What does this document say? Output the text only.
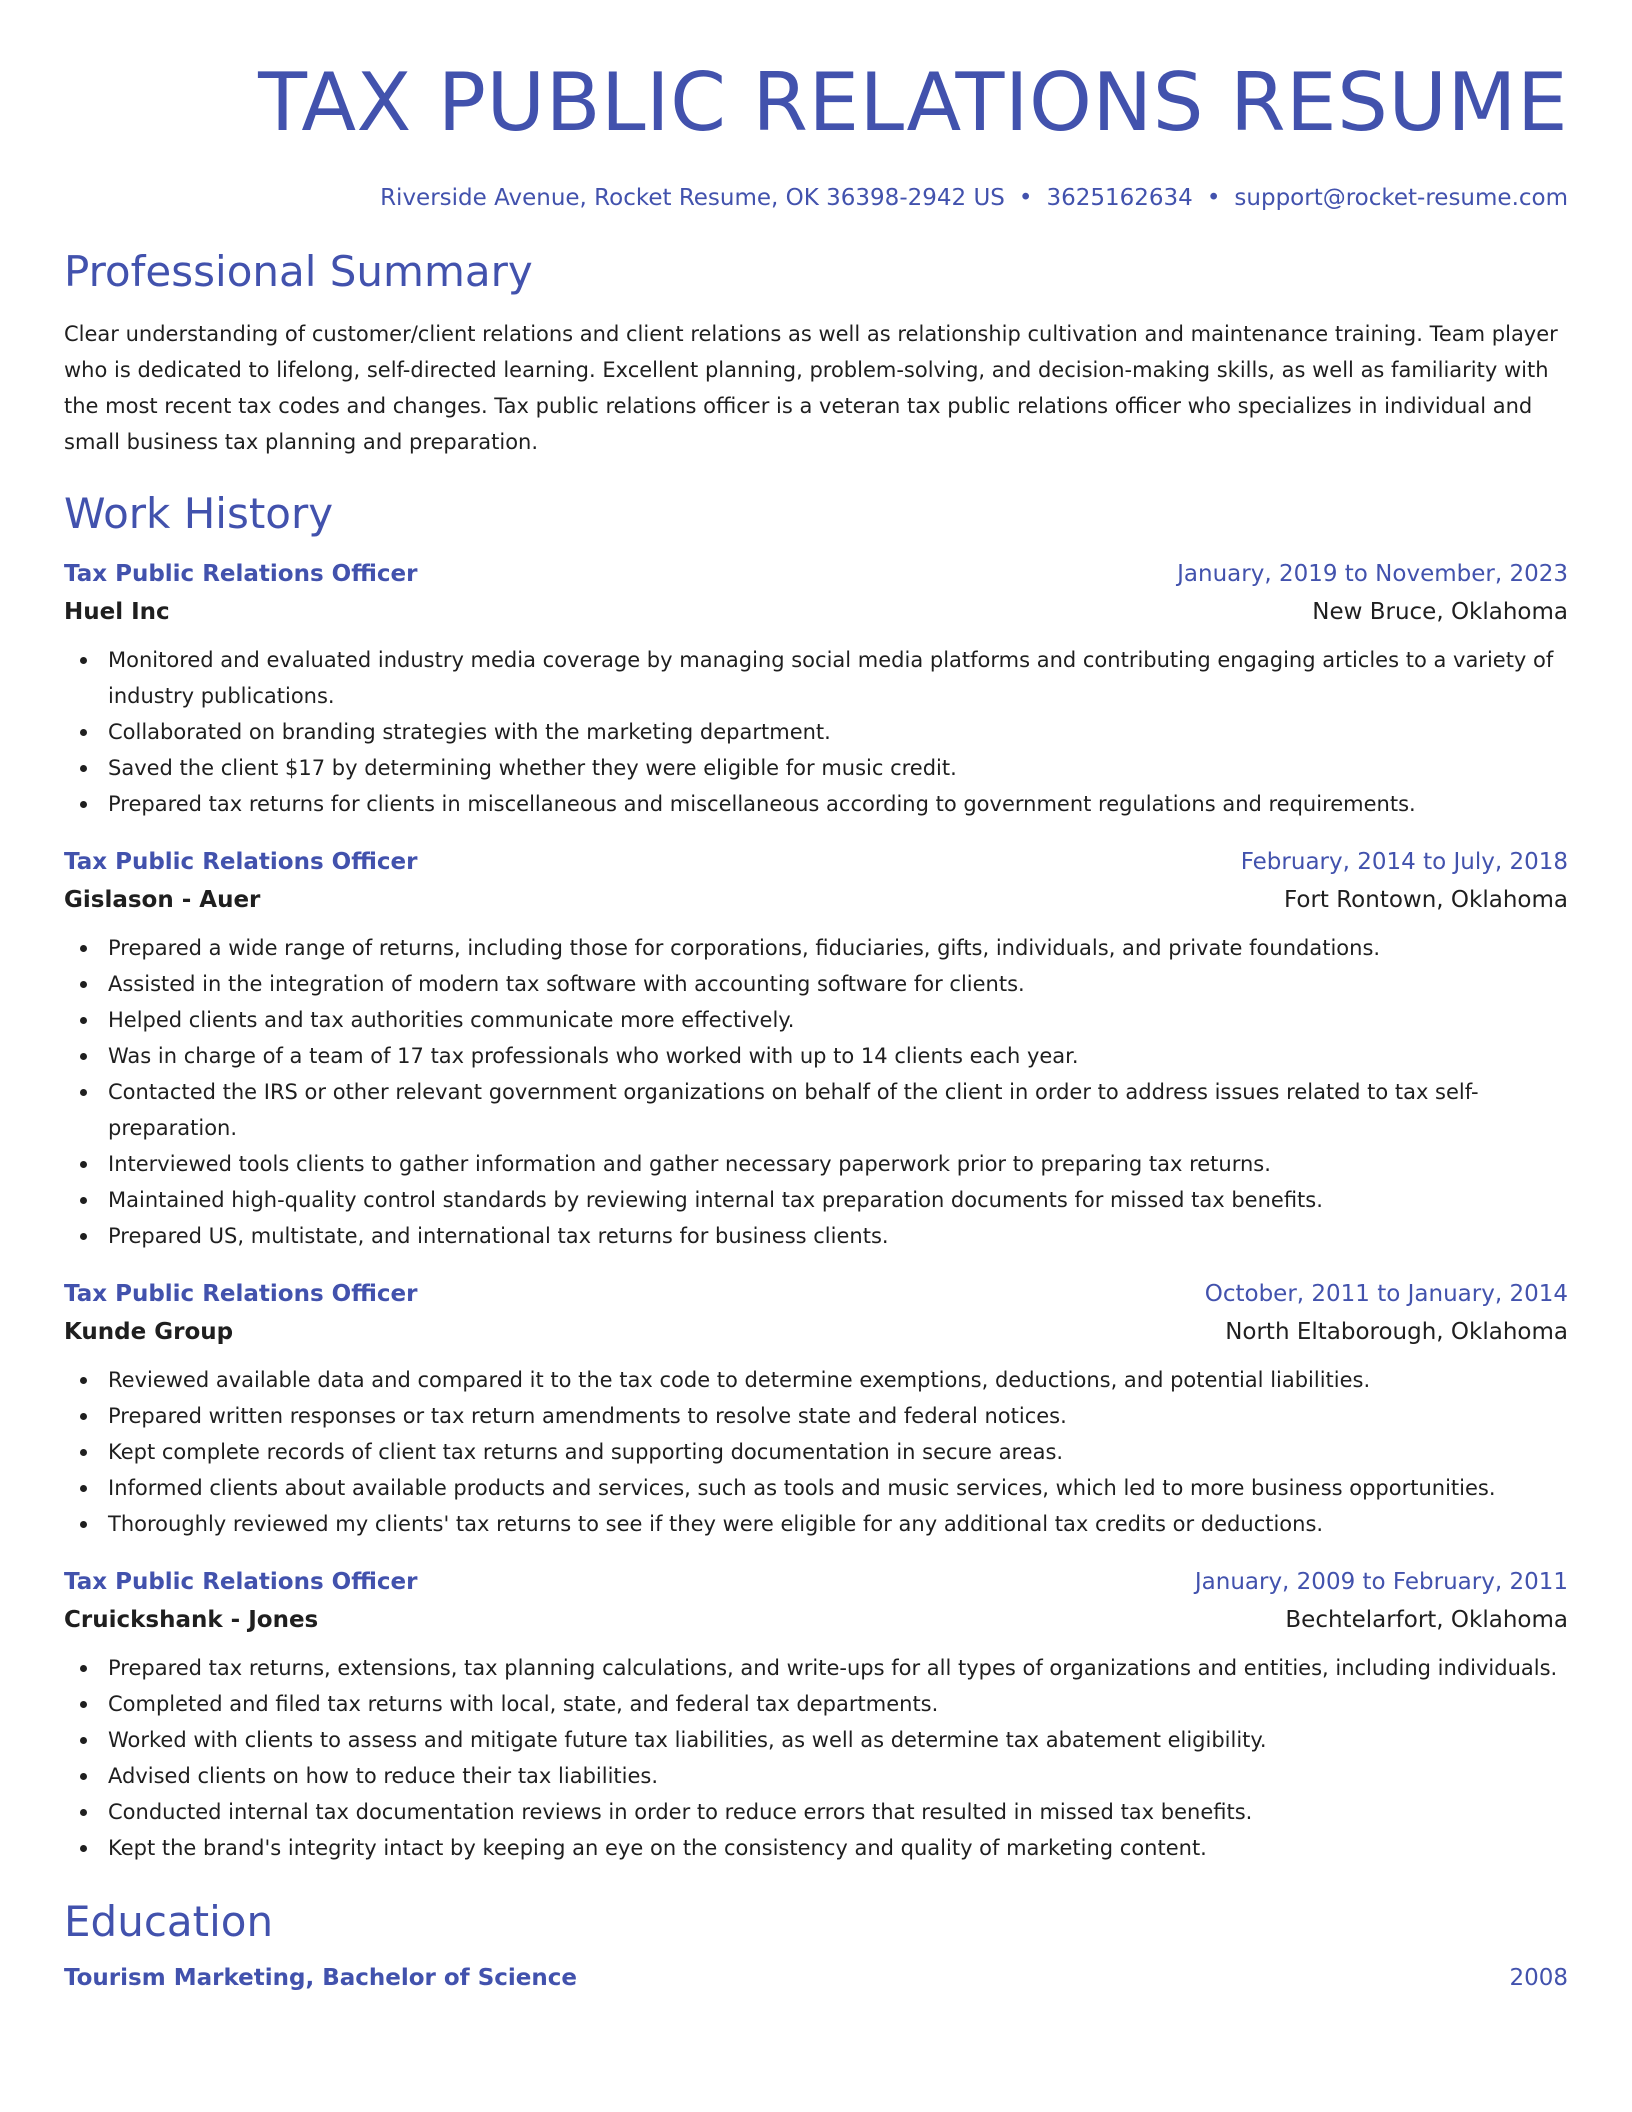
TAX PUBLIC RELATIONS RESUME
Riverside Avenue, Rocket Resume, OK 36398-2942 US • 3625162634 • support@rocket-resume.com
Professional Summary

Clear understanding of customer/client relations and client relations as well as relationship cultivation and maintenance training. Team player who is dedicated to lifelong, self-directed learning. Excellent planning, problem-solving, and decision-making skills, as well as familiarity with the most recent tax codes and changes. Tax public relations officer is a veteran tax public relations officer who specializes in individual and small business tax planning and preparation.

Work History
Tax Public Relations Officer	January, 2019 to November, 2023
Huel Inc	New Bruce, Oklahoma
Monitored and evaluated industry media coverage by managing social media platforms and contributing engaging articles to a variety of industry publications.
Collaborated on branding strategies with the marketing department.
Saved the client $17 by determining whether they were eligible for music credit.
Prepared tax returns for clients in miscellaneous and miscellaneous according to government regulations and requirements.
Tax Public Relations Officer	February, 2014 to July, 2018
Gislason - Auer	Fort Rontown, Oklahoma
Prepared a wide range of returns, including those for corporations, fiduciaries, gifts, individuals, and private foundations.
Assisted in the integration of modern tax software with accounting software for clients.
Helped clients and tax authorities communicate more effectively.
Was in charge of a team of 17 tax professionals who worked with up to 14 clients each year.
Contacted the IRS or other relevant government organizations on behalf of the client in order to address issues related to tax self-preparation.
Interviewed tools clients to gather information and gather necessary paperwork prior to preparing tax returns.
Maintained high-quality control standards by reviewing internal tax preparation documents for missed tax benefits.
Prepared US, multistate, and international tax returns for business clients.
Tax Public Relations Officer	October, 2011 to January, 2014
Kunde Group	North Eltaborough, Oklahoma
Reviewed available data and compared it to the tax code to determine exemptions, deductions, and potential liabilities.
Prepared written responses or tax return amendments to resolve state and federal notices.
Kept complete records of client tax returns and supporting documentation in secure areas.
Informed clients about available products and services, such as tools and music services, which led to more business opportunities.
Thoroughly reviewed my clients' tax returns to see if they were eligible for any additional tax credits or deductions.
Tax Public Relations Officer	January, 2009 to February, 2011
Cruickshank - Jones	Bechtelarfort, Oklahoma
Prepared tax returns, extensions, tax planning calculations, and write-ups for all types of organizations and entities, including individuals.
Completed and filed tax returns with local, state, and federal tax departments.
Worked with clients to assess and mitigate future tax liabilities, as well as determine tax abatement eligibility.
Advised clients on how to reduce their tax liabilities.
Conducted internal tax documentation reviews in order to reduce errors that resulted in missed tax benefits.
Kept the brand's integrity intact by keeping an eye on the consistency and quality of marketing content.
Education
Tourism Marketing, Bachelor of Science	2008
